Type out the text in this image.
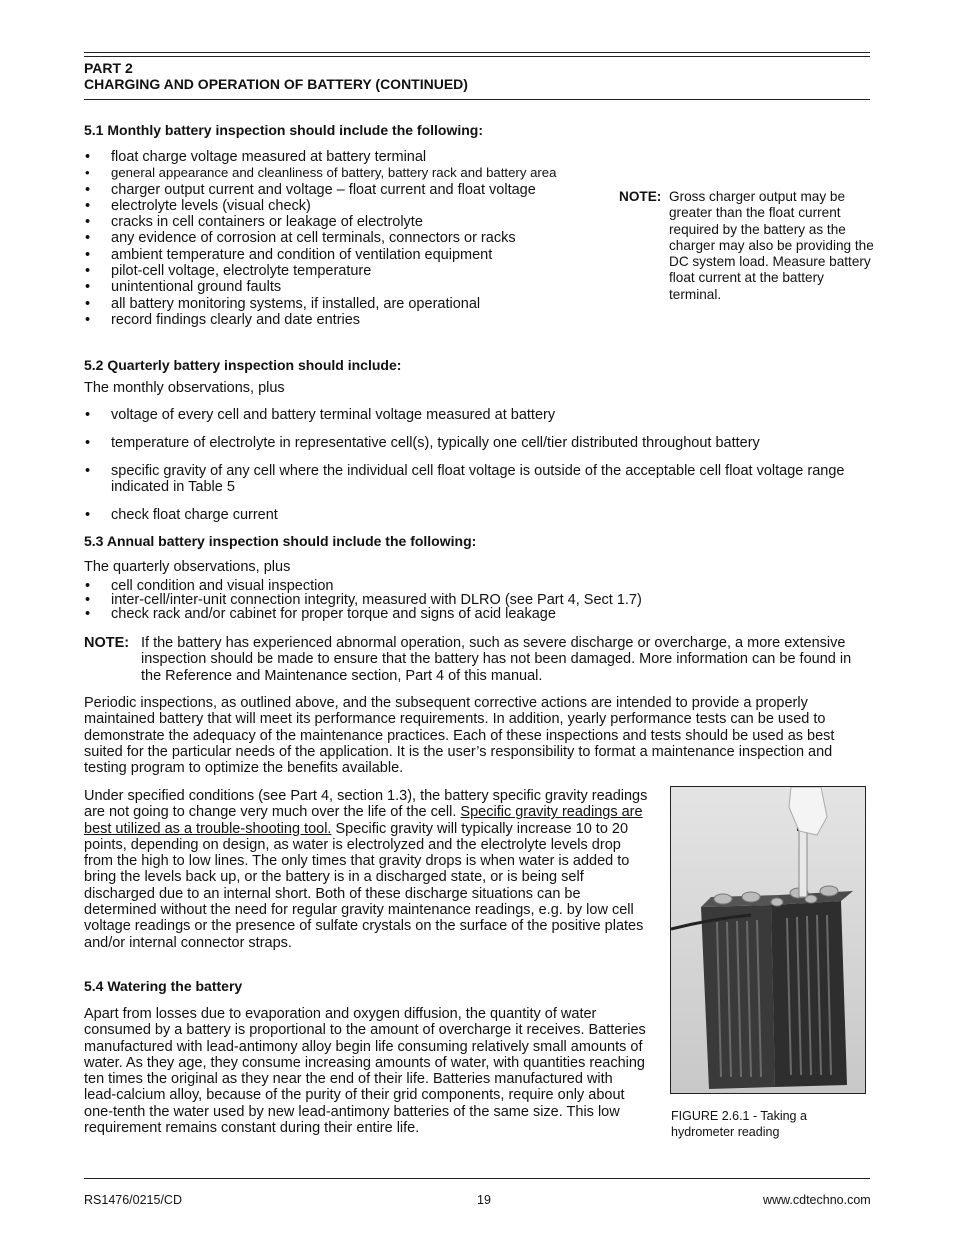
PART 2
CHARGING AND OPERATION OF BATTERY (CONTINUED)
5.1 Monthly battery inspection should include the following:
• float charge voltage measured at battery terminal
• general appearance and cleanliness of battery, battery rack and battery area
• charger output current and voltage – float current and float voltage
• electrolyte levels (visual check)
• cracks in cell containers or leakage of electrolyte
• any evidence of corrosion at cell terminals, connectors or racks
• ambient temperature and condition of ventilation equipment
• pilot-cell voltage, electrolyte temperature
• unintentional ground faults
• all battery monitoring systems, if installed, are operational
• record findings clearly and date entries
NOTE: Gross charger output may be greater than the float current required by the battery as the charger may also be providing the DC system load. Measure battery float current at the battery terminal.
5.2 Quarterly battery inspection should include:

The monthly observations, plus

• voltage of every cell and battery terminal voltage measured at battery
• temperature of electrolyte in representative cell(s), typically one cell/tier distributed throughout battery
• specific gravity of any cell where the individual cell float voltage is outside of the acceptable cell float voltage range indicated in Table 5
• check float charge current
5.3 Annual battery inspection should include the following:

The quarterly observations, plus

• cell condition and visual inspection
• inter-cell/inter-unit connection integrity, measured with DLRO (see Part 4, Sect 1.7)
• check rack and/or cabinet for proper torque and signs of acid leakage
NOTE: If the battery has experienced abnormal operation, such as severe discharge or overcharge, a more extensive inspection should be made to ensure that the battery has not been damaged. More information can be found in the Reference and Maintenance section, Part 4 of this manual.

Periodic inspections, as outlined above, and the subsequent corrective actions are intended to provide a properly maintained battery that will meet its performance requirements. In addition, yearly performance tests can be used to demonstrate the adequacy of the maintenance practices. Each of these inspections and tests should be used as best suited for the particular needs of the application. It is the user’s responsibility to format a maintenance inspection and testing program to optimize the benefits available.

Under specified conditions (see Part 4, section 1.3), the battery specific gravity readings are not going to change very much over the life of the cell. Specific gravity readings are best utilized as a trouble-shooting tool. Specific gravity will typically increase 10 to 20 points, depending on design, as water is electrolyzed and the electrolyte levels drop from the high to low lines. The only times that gravity drops is when water is added to bring the levels back up, or the battery is in a discharged state, or is being self discharged due to an internal short. Both of these discharge situations can be determined without the need for regular gravity maintenance readings, e.g. by low cell voltage readings or the presence of sulfate crystals on the surface of the positive plates and/or internal connector straps.

5.4 Watering the battery

Apart from losses due to evaporation and oxygen diffusion, the quantity of water consumed by a battery is proportional to the amount of overcharge it receives. Batteries manufactured with lead-antimony alloy begin life consuming relatively small amounts of water. As they age, they consume increasing amounts of water, with quantities reaching ten times the original as they near the end of their life. Batteries manufactured with lead-calcium alloy, because of the purity of their grid components, require only about one-tenth the water used by new lead-antimony batteries of the same size. This low requirement remains constant during their entire life.

FIGURE 2.6.1 - Taking a hydrometer reading
RS1476/0215/CD	19	www.cdtechno.com
